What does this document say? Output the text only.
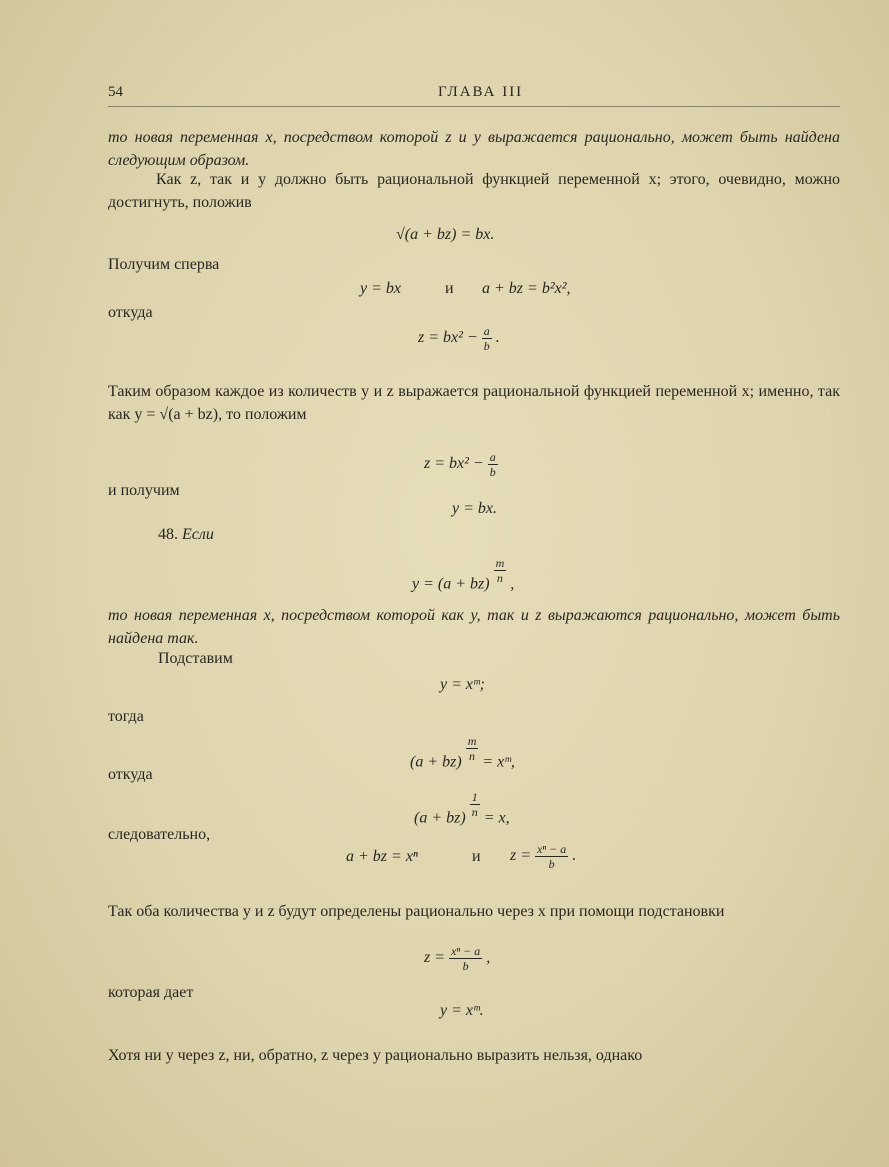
54	ГЛАВА III
то новая переменная x, посредством которой z и y выражается рационально, может быть найдена следующим образом.
Как z, так и y должно быть рациональной функцией переменной x; этого, очевидно, можно достигнуть, положив
√(a + bz) = bx.
Получим сперва
y = bx	и a + bz = b²x²,
откуда
$z = bx^2 - \frac{a}{b}$ .
Таким образом каждое из количеств y и z выражается рациональной функцией переменной x; именно, так как y = √(a + bz), то положим
$z = bx^2 - \frac{a}{b}$
и получим
y = bx.
48. Если
$y = (a + bz) \frac{m}{n}$ ,
то новая переменная x, посредством которой как y, так и z выражаются рационально, может быть найдена так.
Подставим
y = xᵐ;
тогда
$(a + bz) \frac{m}{n}$ = xᵐ,
откуда
$(a + bz) \frac{1}{n} = x$,
следовательно,
a + bz = xⁿ	и $z = \frac{\text{xⁿ − a}}{b}$ .
Так оба количества y и z будут определены рационально через x при помощи подстановки
$z = \frac{\text{xⁿ − a}}{b}$ ,
которая дает
y = xᵐ.
Хотя ни y через z, ни, обратно, z через y рационально выразить нельзя, однако
